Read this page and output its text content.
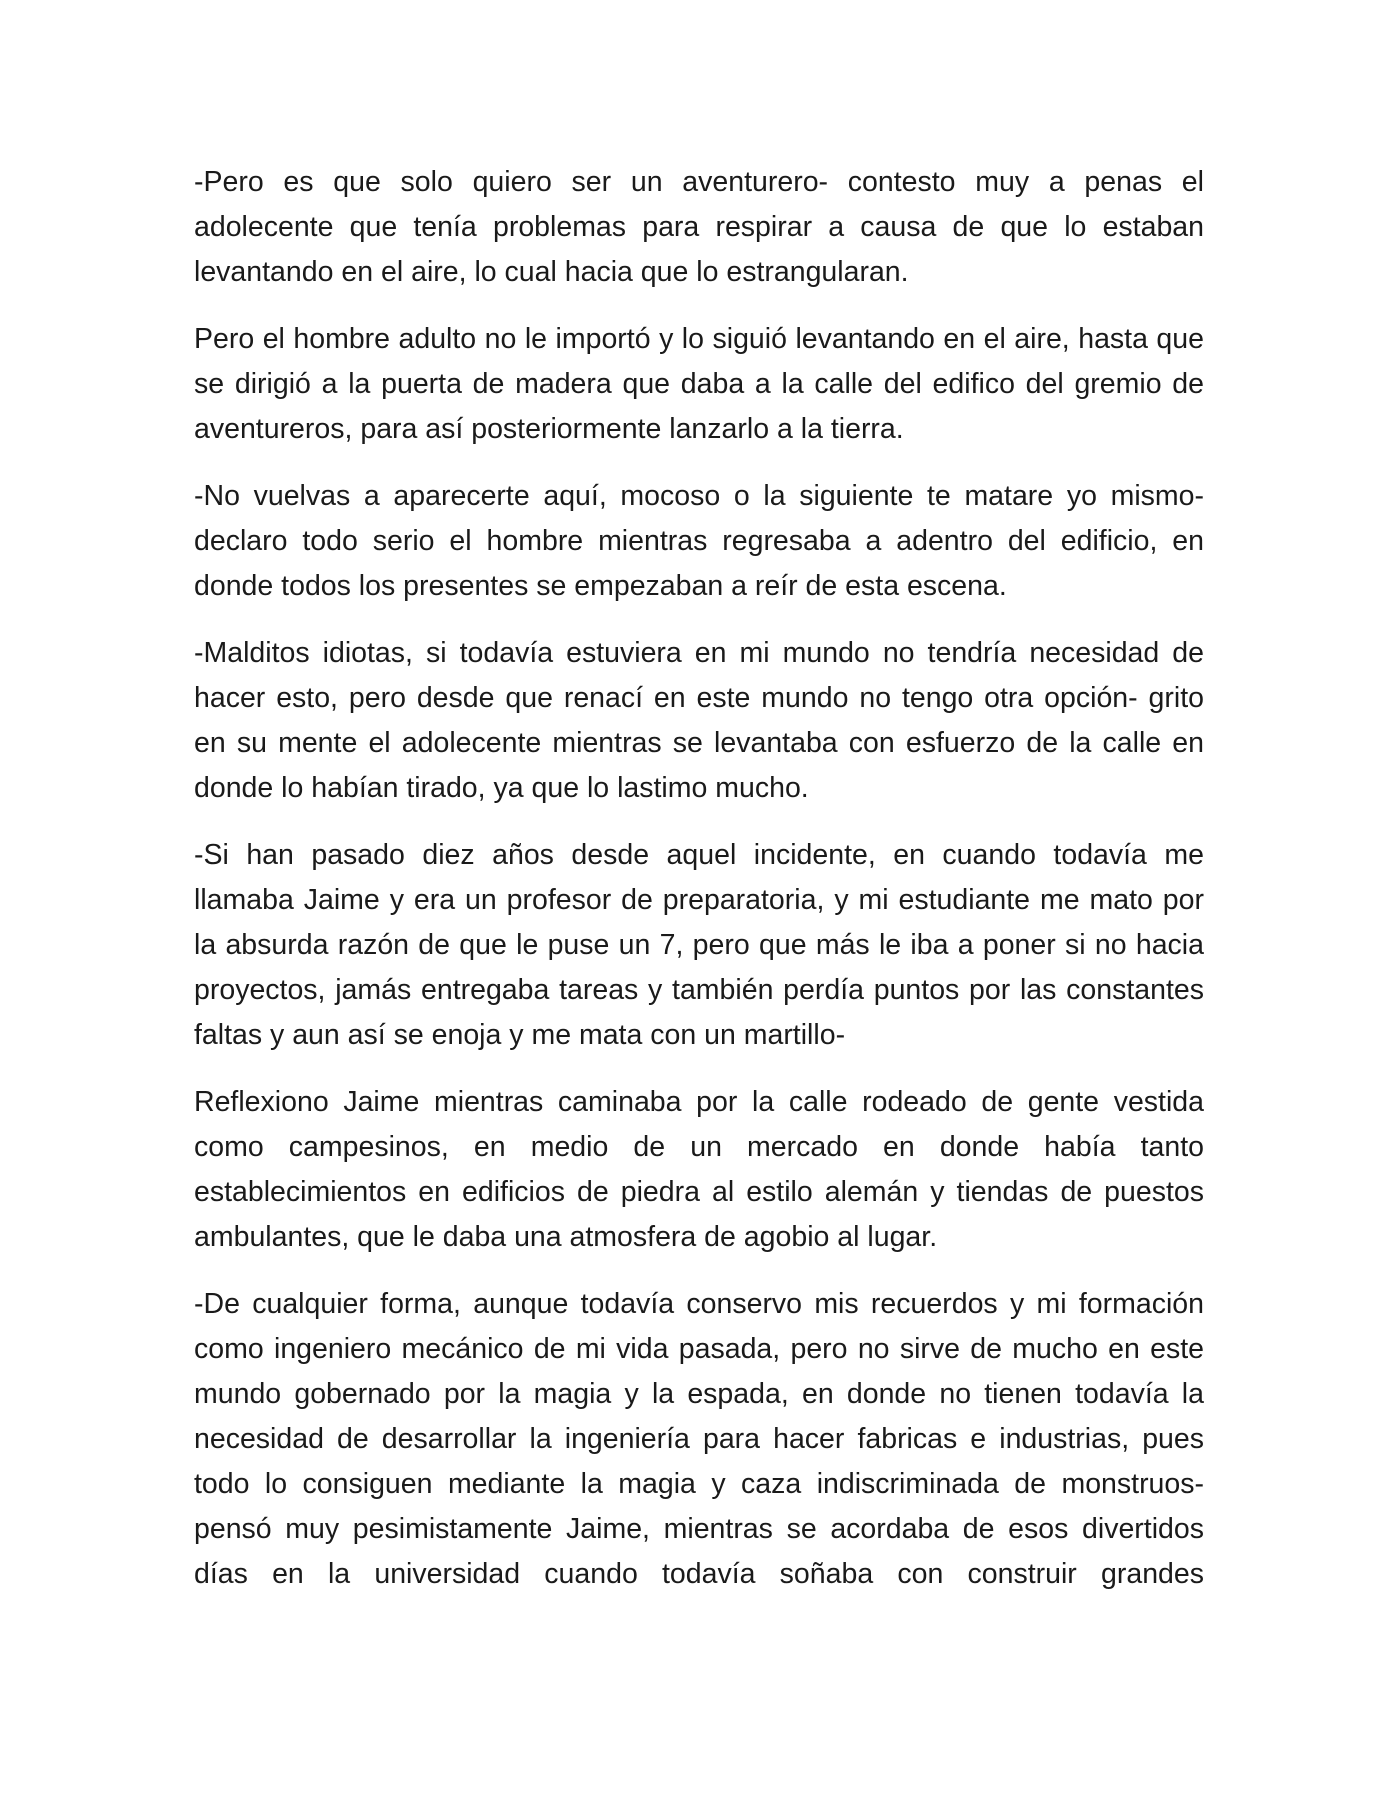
-Pero es que solo quiero ser un aventurero- contesto muy a penas el adolecente que tenía problemas para respirar a causa de que lo estaban levantando en el aire, lo cual hacia que lo estrangularan.

Pero el hombre adulto no le importó y lo siguió levantando en el aire, hasta que se dirigió a la puerta de madera que daba a la calle del edifico del gremio de aventureros, para así posteriormente lanzarlo a la tierra.

-No vuelvas a aparecerte aquí, mocoso o la siguiente te matare yo mismo- declaro todo serio el hombre mientras regresaba a adentro del edificio, en donde todos los presentes se empezaban a reír de esta escena.

-Malditos idiotas, si todavía estuviera en mi mundo no tendría necesidad de hacer esto, pero desde que renací en este mundo no tengo otra opción- grito en su mente el adolecente mientras se levantaba con esfuerzo de la calle en donde lo habían tirado, ya que lo lastimo mucho.

-Si han pasado diez años desde aquel incidente, en cuando todavía me llamaba Jaime y era un profesor de preparatoria, y mi estudiante me mato por la absurda razón de que le puse un 7, pero que más le iba a poner si no hacia proyectos, jamás entregaba tareas y también perdía puntos por las constantes faltas y aun así se enoja y me mata con un martillo-

Reflexiono Jaime mientras caminaba por la calle rodeado de gente vestida como campesinos, en medio de un mercado en donde había tanto establecimientos en edificios de piedra al estilo alemán y tiendas de puestos ambulantes, que le daba una atmosfera de agobio al lugar.

-De cualquier forma, aunque todavía conservo mis recuerdos y mi formación como ingeniero mecánico de mi vida pasada, pero no sirve de mucho en este mundo gobernado por la magia y la espada, en donde no tienen todavía la necesidad de desarrollar la ingeniería para hacer fabricas e industrias, pues todo lo consiguen mediante la magia y caza indiscriminada de monstruos- pensó muy pesimistamente Jaime, mientras se acordaba de esos divertidos días en la universidad cuando todavía soñaba con construir grandes
